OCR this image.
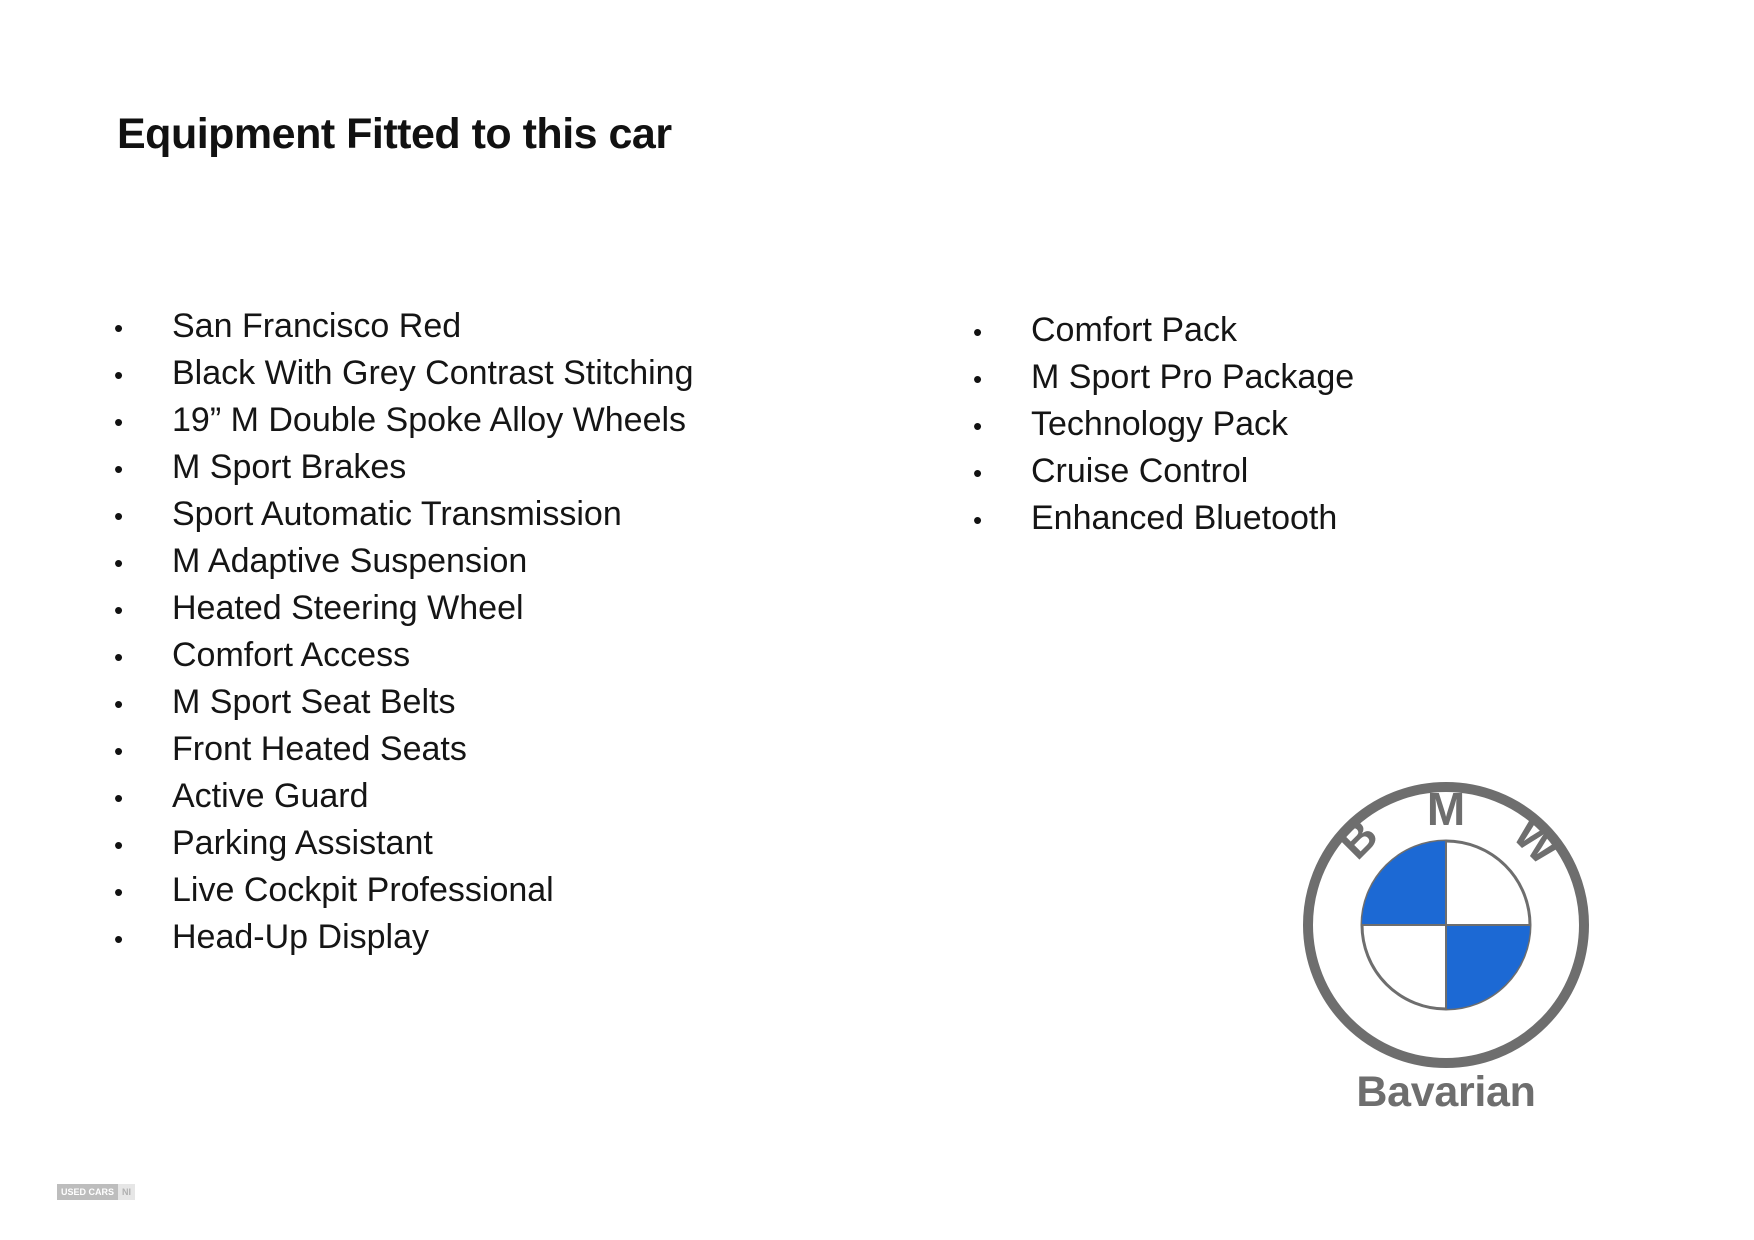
Equipment Fitted to this car
• San Francisco Red
• Black With Grey Contrast Stitching
• 19” M Double Spoke Alloy Wheels
• M Sport Brakes
• Sport Automatic Transmission
• M Adaptive Suspension
• Heated Steering Wheel
• Comfort Access
• M Sport Seat Belts
• Front Heated Seats
• Active Guard
• Parking Assistant
• Live Cockpit Professional
• Head-Up Display
• Comfort Pack
• M Sport Pro Package
• Technology Pack
• Cruise Control
• Enhanced Bluetooth
B M W
Bavarian
USED CARS NI
